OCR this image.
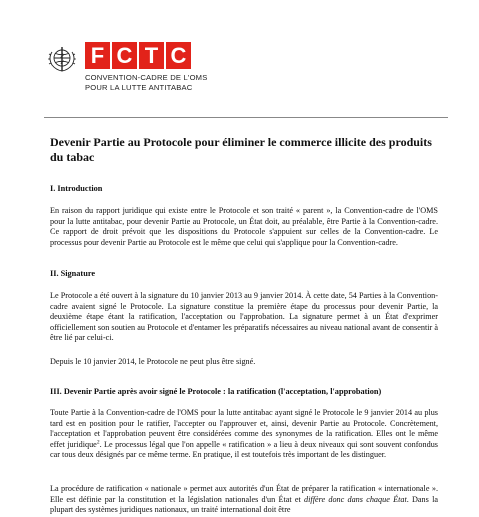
F C T C
CONVENTION-CADRE DE L'OMS
POUR LA LUTTE ANTITABAC
Devenir Partie au Protocole pour éliminer le commerce illicite des produits du tabac
I. Introduction
En raison du rapport juridique qui existe entre le Protocole et son traité « parent », la Convention-cadre de l'OMS pour la lutte antitabac, pour devenir Partie au Protocole, un État doit, au préalable, être Partie à la Convention-cadre. Ce rapport de droit prévoit que les dispositions du Protocole s'appuient sur celles de la Convention-cadre. Le processus pour devenir Partie au Protocole est le même que celui qui s'applique pour la Convention-cadre.
II. Signature
Le Protocole a été ouvert à la signature du 10 janvier 2013 au 9 janvier 2014. À cette date, 54 Parties à la Convention-cadre avaient signé le Protocole. La signature constitue la première étape du processus pour devenir Partie, la deuxième étape étant la ratification, l'acceptation ou l'approbation. La signature permet à un État d'exprimer officiellement son soutien au Protocole et d'entamer les préparatifs nécessaires au niveau national avant de consentir à être lié par celui-ci.
Depuis le 10 janvier 2014, le Protocole ne peut plus être signé.
III. Devenir Partie après avoir signé le Protocole : la ratification (l'acceptation, l'approbation)
Toute Partie à la Convention-cadre de l'OMS pour la lutte antitabac ayant signé le Protocole le 9 janvier 2014 au plus tard est en position pour le ratifier, l'accepter ou l'approuver et, ainsi, devenir Partie au Protocole. Concrètement, l'acceptation et l'approbation peuvent être considérées comme des synonymes de la ratification. Elles ont le même effet juridique$^2$. Le processus légal que l'on appelle « ratification » a lieu à deux niveaux qui sont souvent confondus car tous deux désignés par ce même terme. En pratique, il est toutefois très important de les distinguer.
La procédure de ratification « nationale » permet aux autorités d'un État de préparer la ratification « internationale ». Elle est définie par la constitution et la législation nationales d'un État et diffère donc dans chaque État. Dans la plupart des systèmes juridiques nationaux, un traité international doit être
